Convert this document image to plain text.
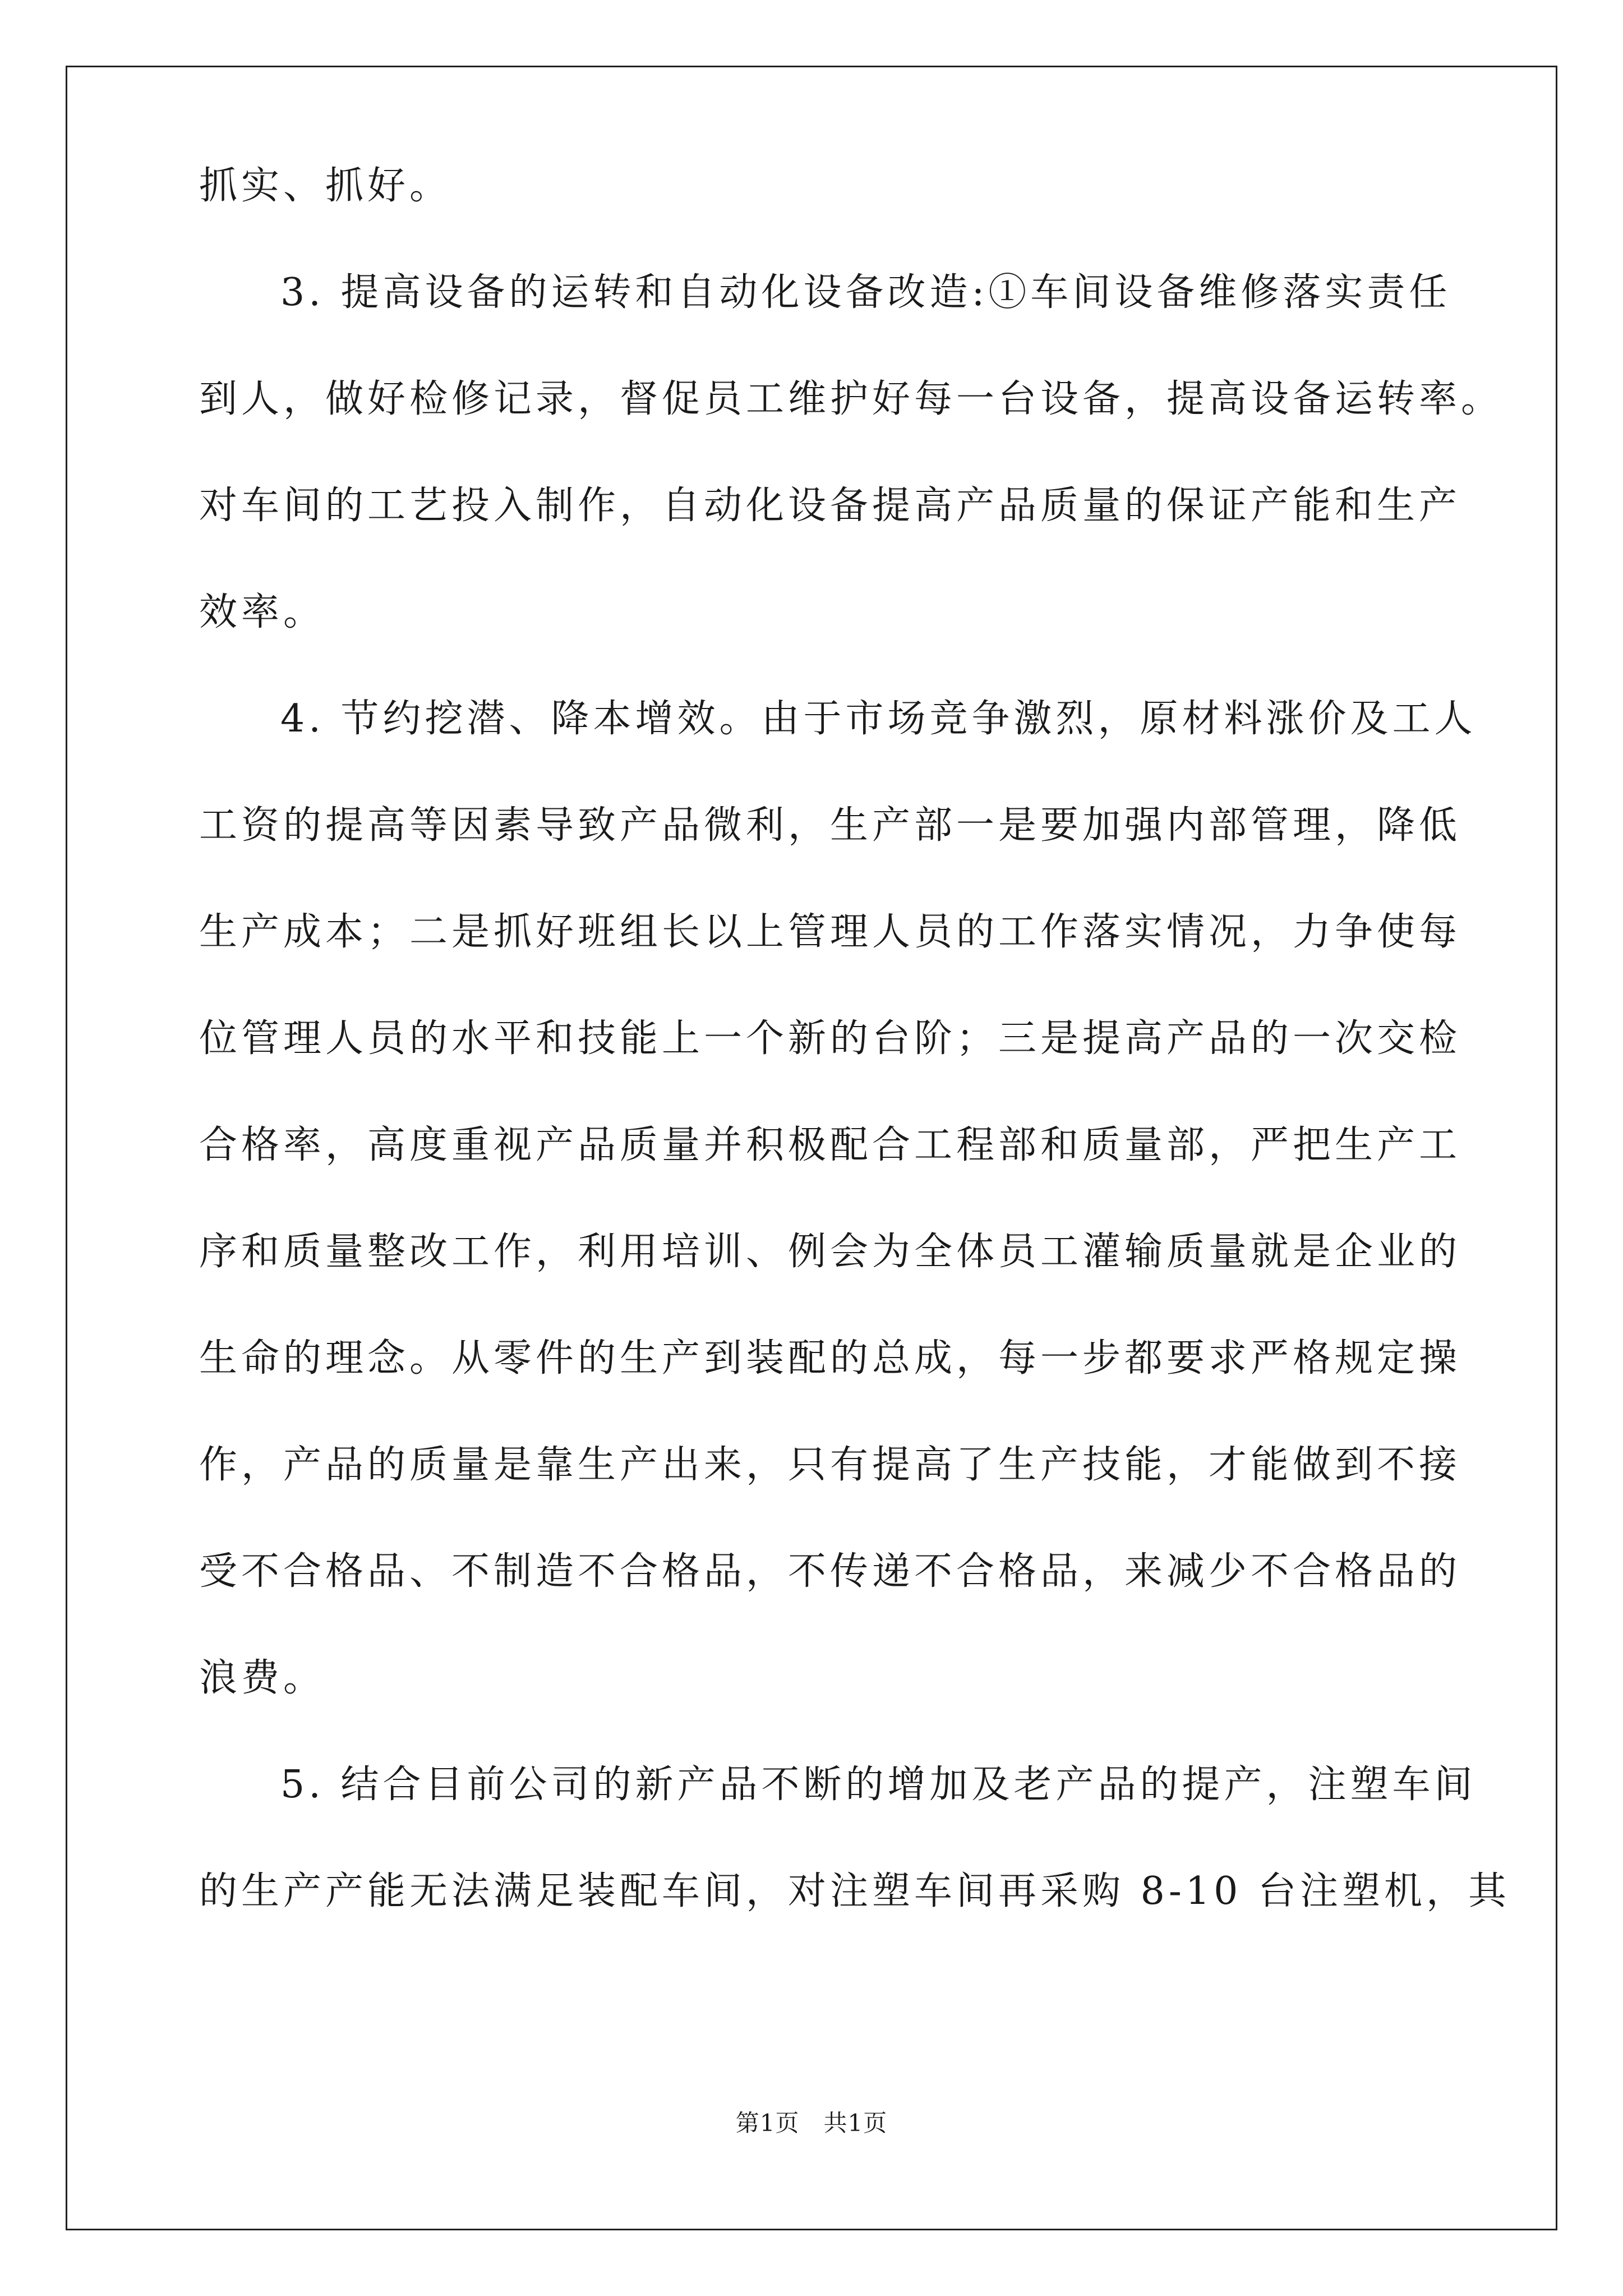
抓实、抓好。
3. 提高设备的运转和自动化设备改造:①车间设备维修落实责任
到人，做好检修记录，督促员工维护好每一台设备，提高设备运转率。
对车间的工艺投入制作，自动化设备提高产品质量的保证产能和生产
效率。
4. 节约挖潜、降本增效。由于市场竞争激烈，原材料涨价及工人
工资的提高等因素导致产品微利，生产部一是要加强内部管理，降低
生产成本；二是抓好班组长以上管理人员的工作落实情况，力争使每
位管理人员的水平和技能上一个新的台阶；三是提高产品的一次交检
合格率，高度重视产品质量并积极配合工程部和质量部，严把生产工
序和质量整改工作，利用培训、例会为全体员工灌输质量就是企业的
生命的理念。从零件的生产到装配的总成，每一步都要求严格规定操
作，产品的质量是靠生产出来，只有提高了生产技能，才能做到不接
受不合格品、不制造不合格品，不传递不合格品，来减少不合格品的
浪费。
5. 结合目前公司的新产品不断的增加及老产品的提产，注塑车间
的生产产能无法满足装配车间，对注塑车间再采购 8-10 台注塑机，其
第1页   共1页
